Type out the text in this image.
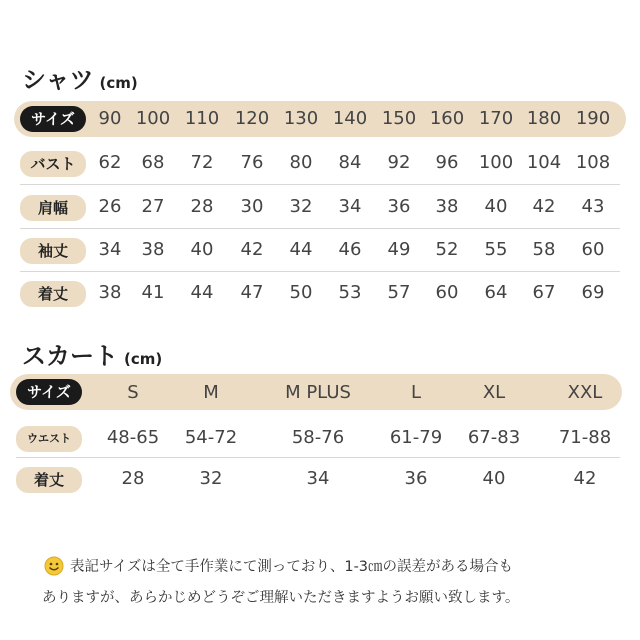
シャツ (cm)
サイズ	90 100 110 120 130 140 150 160 170 180 190
バスト	62	68	72	76	80	84	92	96	100 104 108
肩幅	26	27	28	30	32	34	36	38	40	42	43
袖丈	34	38	40	42	44	46	49	52	55	58	60
着丈	38	41	44	47	50	53	57	60	64	67	69
スカート (cm)
サイズ	S	M	M PLUS	L	XL	XXL
ウエスト	48-65	54-72	58-76	61-79	67-83	71-88
着丈	28	32	34	36	40	42
表記サイズは全て手作業にて測っており、1-3㎝の誤差がある場合も
ありますが、あらかじめどうぞご理解いただきますようお願い致します。
